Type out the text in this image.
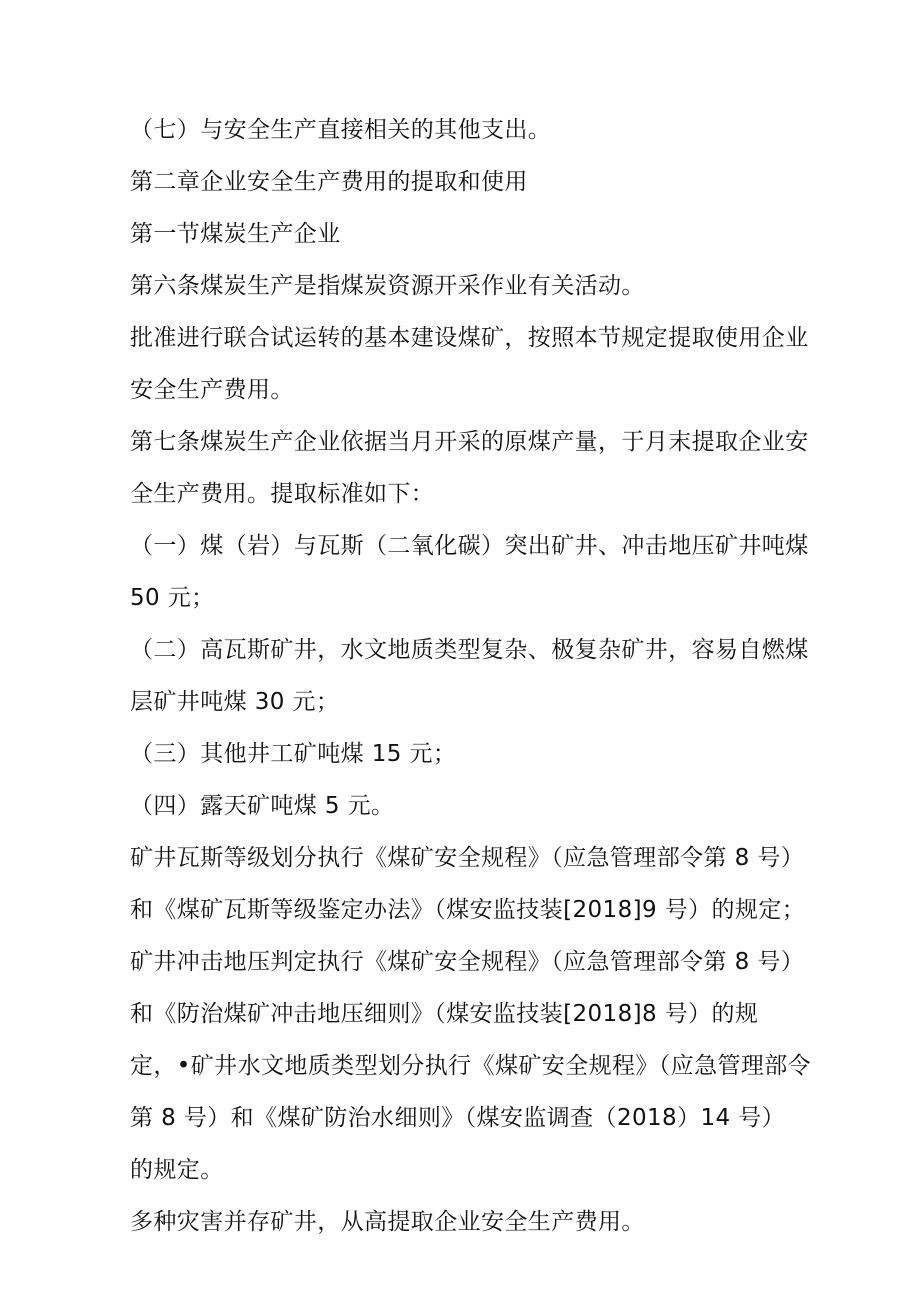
（七）与安全生产直接相关的其他支出。
第二章企业安全生产费用的提取和使用
第一节煤炭生产企业
第六条煤炭生产是指煤炭资源开采作业有关活动。
批准进行联合试运转的基本建设煤矿，按照本节规定提取使用企业
安全生产费用。
第七条煤炭生产企业依据当月开采的原煤产量，于月末提取企业安
全生产费用。提取标准如下：
（一）煤（岩）与瓦斯（二氧化碳）突出矿井、冲击地压矿井吨煤
50 元；
（二）高瓦斯矿井，水文地质类型复杂、极复杂矿井，容易自燃煤
层矿井吨煤 30 元；
（三）其他井工矿吨煤 15 元；
（四）露天矿吨煤 5 元。
矿井瓦斯等级划分执行《煤矿安全规程》（应急管理部令第 8 号）
和《煤矿瓦斯等级鉴定办法》（煤安监技装[2018]9 号）的规定；
矿井冲击地压判定执行《煤矿安全规程》（应急管理部令第 8 号）
和《防治煤矿冲击地压细则》（煤安监技装[2018]8 号）的规
定，•矿井水文地质类型划分执行《煤矿安全规程》（应急管理部令
第 8 号）和《煤矿防治水细则》（煤安监调查（2018）14 号）
的规定。
多种灾害并存矿井，从高提取企业安全生产费用。
